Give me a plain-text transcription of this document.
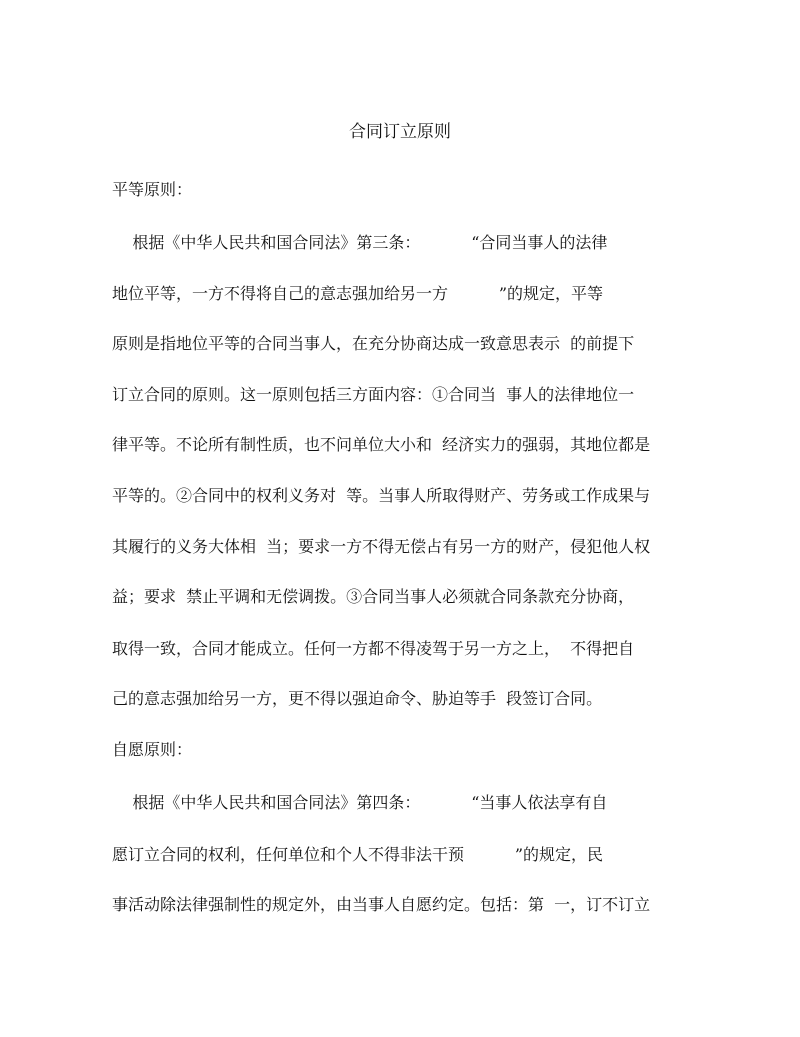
合同订立原则
平等原则：
根据《中华人民共和国合同法》第三条：          “合同当事人的法律
地位平等，一方不得将自己的意志强加给另一方          ”的规定，平等
原则是指地位平等的合同当事人，在充分协商达成一致意思表示  的前提下
订立合同的原则。这一原则包括三方面内容：①合同当  事人的法律地位一
律平等。不论所有制性质，也不问单位大小和  经济实力的强弱，其地位都是
平等的。②合同中的权利义务对  等。当事人所取得财产、劳务或工作成果与
其履行的义务大体相  当；要求一方不得无偿占有另一方的财产，侵犯他人权
益；要求  禁止平调和无偿调拨。③合同当事人必须就合同条款充分协商，
取得一致，合同才能成立。任何一方都不得凌驾于另一方之上，  不得把自
己的意志强加给另一方，更不得以强迫命令、胁迫等手  段签订合同。
自愿原则：
根据《中华人民共和国合同法》第四条：          “当事人依法享有自
愿订立合同的权利，任何单位和个人不得非法干预          ”的规定，民
事活动除法律强制性的规定外，由当事人自愿约定。包括：第  一，订不订立
